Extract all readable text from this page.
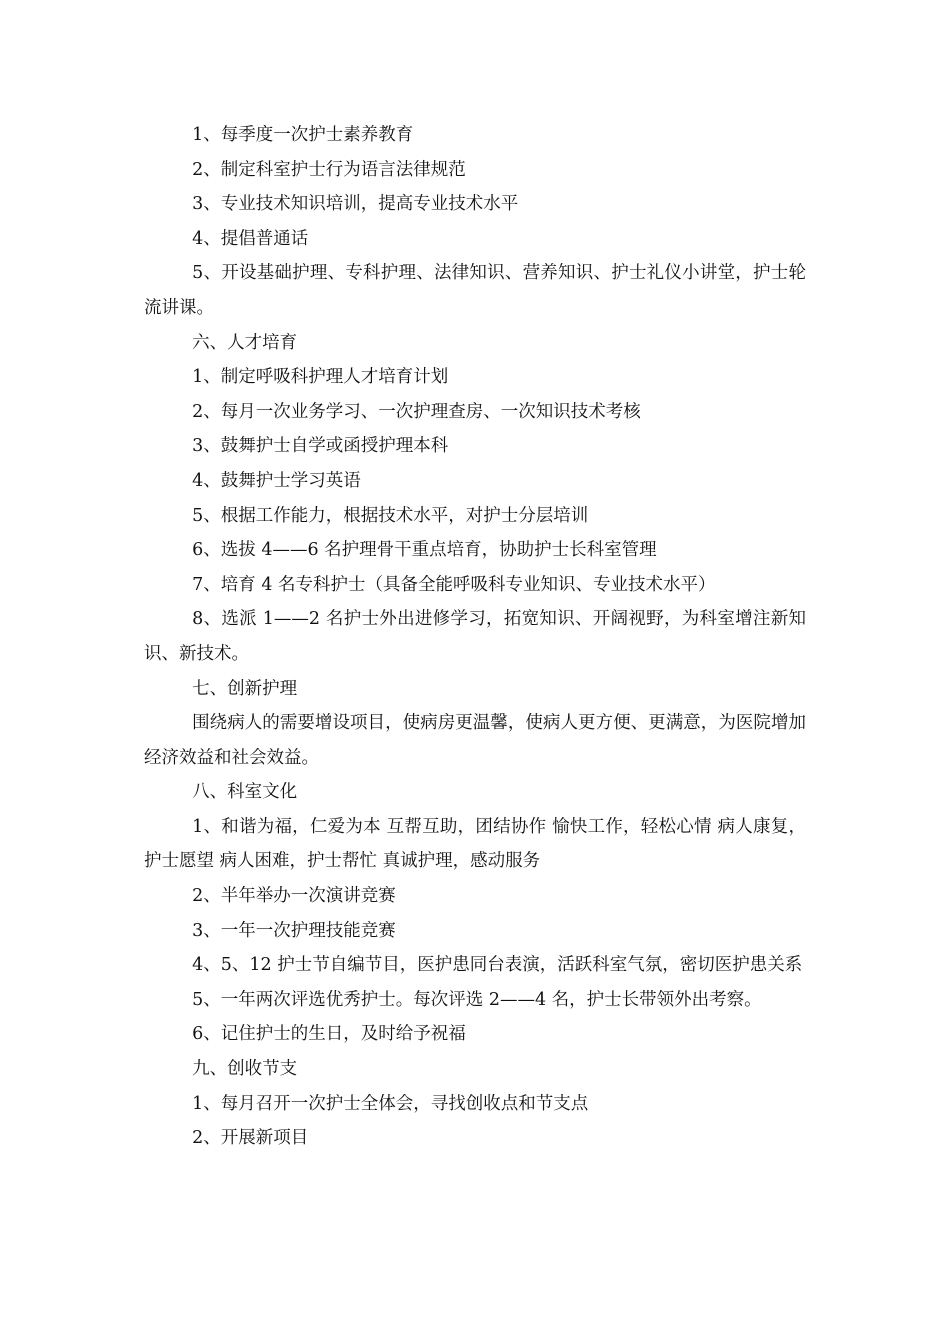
1、每季度一次护士素养教育

2、制定科室护士行为语言法律规范

3、专业技术知识培训，提高专业技术水平

4、提倡普通话

5、开设基础护理、专科护理、法律知识、营养知识、护士礼仪小讲堂，护士轮流讲课。

六、人才培育

1、制定呼吸科护理人才培育计划

2、每月一次业务学习、一次护理查房、一次知识技术考核

3、鼓舞护士自学或函授护理本科

4、鼓舞护士学习英语

5、根据工作能力，根据技术水平，对护士分层培训

6、选拔 4——6 名护理骨干重点培育，协助护士长科室管理

7、培育 4 名专科护士（具备全能呼吸科专业知识、专业技术水平）

8、选派 1——2 名护士外出进修学习，拓宽知识、开阔视野，为科室增注新知识、新技术。

七、创新护理

围绕病人的需要增设项目，使病房更温馨，使病人更方便、更满意，为医院增加经济效益和社会效益。

八、科室文化

1、和谐为福，仁爱为本 互帮互助，团结协作 愉快工作，轻松心情 病人康复，护士愿望 病人困难，护士帮忙 真诚护理，感动服务

2、半年举办一次演讲竞赛

3、一年一次护理技能竞赛

4、5、12 护士节自编节目，医护患同台表演，活跃科室气氛，密切医护患关系

5、一年两次评选优秀护士。每次评选 2——4 名，护士长带领外出考察。

6、记住护士的生日，及时给予祝福

九、创收节支

1、每月召开一次护士全体会，寻找创收点和节支点

2、开展新项目
